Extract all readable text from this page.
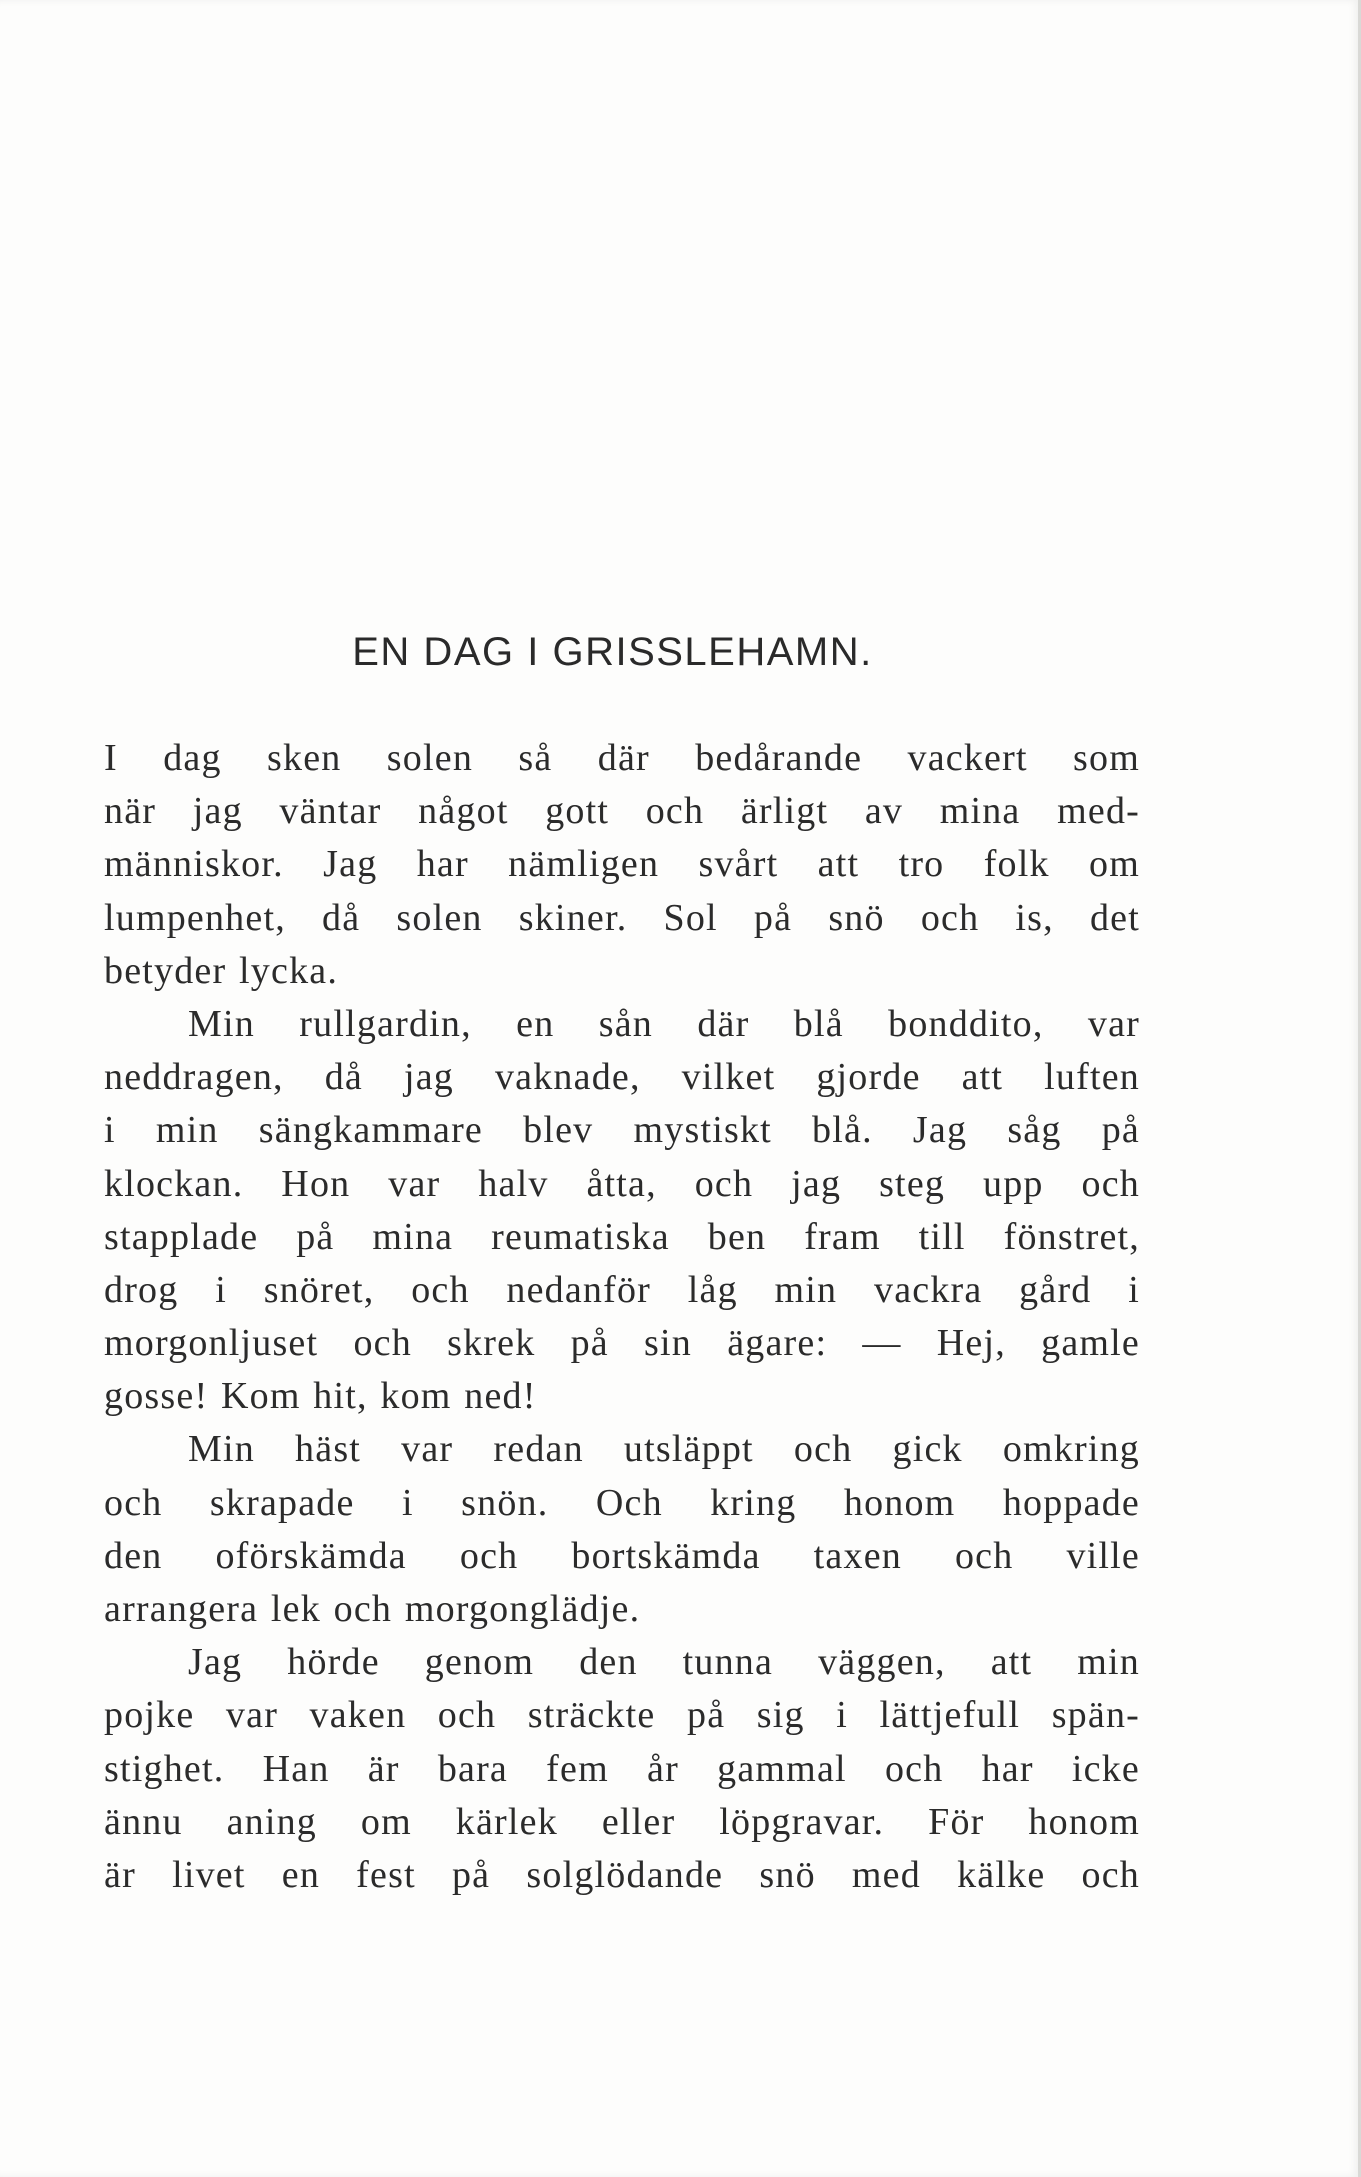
EN DAG I GRISSLEHAMN.
I dag sken solen så där bedårande vackert som
när jag väntar något gott och ärligt av mina med-
människor. Jag har nämligen svårt att tro folk om
lumpenhet, då solen skiner. Sol på snö och is, det
betyder lycka.
Min rullgardin, en sån där blå bonddito, var
neddragen, då jag vaknade, vilket gjorde att luften
i min sängkammare blev mystiskt blå. Jag såg på
klockan. Hon var halv åtta, och jag steg upp och
stapplade på mina reumatiska ben fram till fönstret,
drog i snöret, och nedanför låg min vackra gård i
morgonljuset och skrek på sin ägare: — Hej, gamle
gosse! Kom hit, kom ned!
Min häst var redan utsläppt och gick omkring
och skrapade i snön. Och kring honom hoppade
den oförskämda och bortskämda taxen och ville
arrangera lek och morgonglädje.
Jag hörde genom den tunna väggen, att min
pojke var vaken och sträckte på sig i lättjefull spän-
stighet. Han är bara fem år gammal och har icke
ännu aning om kärlek eller löpgravar. För honom
är livet en fest på solglödande snö med kälke och
